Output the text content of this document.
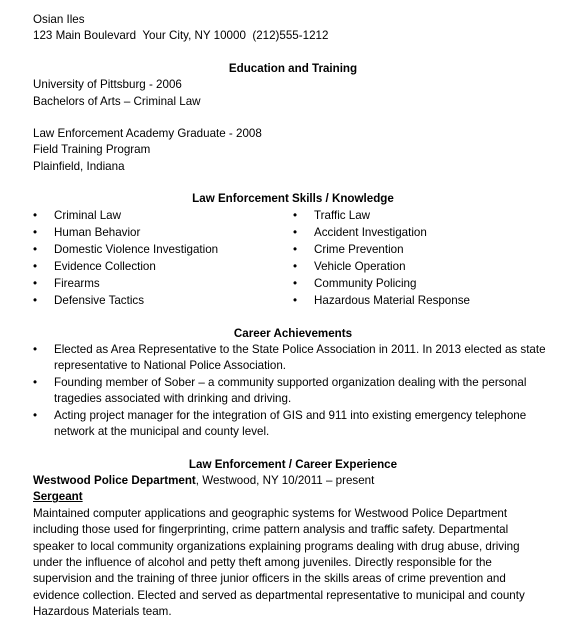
Osian Iles
123 Main Boulevard  Your City, NY 10000  (212)555-1212
Education and Training
University of Pittsburg - 2006
Bachelors of Arts – Criminal Law
Law Enforcement Academy Graduate - 2008
Field Training Program
Plainfield, Indiana
Law Enforcement Skills / Knowledge
•	Criminal Law
•	Human Behavior
•	Domestic Violence Investigation
•	Evidence Collection
•	Firearms
•	Defensive Tactics
•	Traffic Law
•	Accident Investigation
•	Crime Prevention
•	Vehicle Operation
•	Community Policing
•	Hazardous Material Response
Career Achievements
•	Elected as Area Representative to the State Police Association in 2011. In 2013 elected as state representative to National Police Association.
•	Founding member of Sober – a community supported organization dealing with the personal tragedies associated with drinking and driving.
•	Acting project manager for the integration of GIS and 911 into existing emergency telephone network at the municipal and county level.
Law Enforcement / Career Experience
Westwood Police Department, Westwood, NY 10/2011 – present
Sergeant
Maintained computer applications and geographic systems for Westwood Police Department including those used for fingerprinting, crime pattern analysis and traffic safety. Departmental speaker to local community organizations explaining programs dealing with drug abuse, driving under the influence of alcohol and petty theft among juveniles. Directly responsible for the supervision and the training of three junior officers in the skills areas of crime prevention and evidence collection. Elected and served as departmental representative to municipal and county Hazardous Materials team.
